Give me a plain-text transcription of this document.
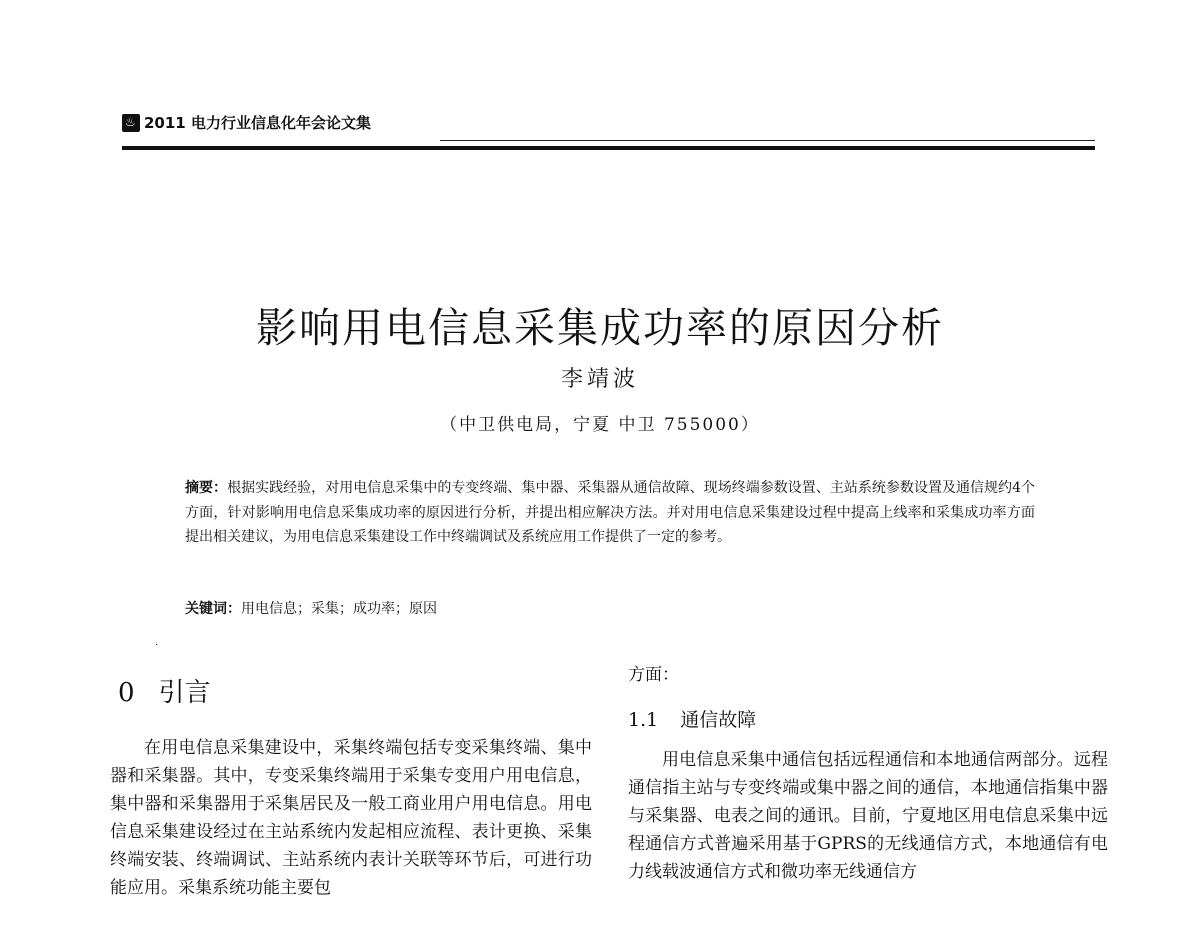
♨
2011 电力行业信息化年会论文集
影响用电信息采集成功率的原因分析
李靖波
（中卫供电局，宁夏 中卫 755000）
摘要：根据实践经验，对用电信息采集中的专变终端、集中器、采集器从通信故障、现场终端参数设置、主站系统参数设置及通信规约4个方面，针对影响用电信息采集成功率的原因进行分析，并提出相应解决方法。并对用电信息采集建设过程中提高上线率和采集成功率方面提出相关建议，为用电信息采集建设工作中终端调试及系统应用工作提供了一定的参考。
关键词：用电信息；采集；成功率；原因
·
0 引言

在用电信息采集建设中，采集终端包括专变采集终端、集中器和采集器。其中，专变采集终端用于采集专变用户用电信息，集中器和采集器用于采集居民及一般工商业用户用电信息。用电信息采集建设经过在主站系统内发起相应流程、表计更换、采集终端安装、终端调试、主站系统内表计关联等环节后，可进行功能应用。采集系统功能主要包

方面：
1.1 通信故障

用电信息采集中通信包括远程通信和本地通信两部分。远程通信指主站与专变终端或集中器之间的通信，本地通信指集中器与采集器、电表之间的通讯。目前，宁夏地区用电信息采集中远程通信方式普遍采用基于GPRS的无线通信方式，本地通信有电力线载波通信方式和微功率无线通信方
